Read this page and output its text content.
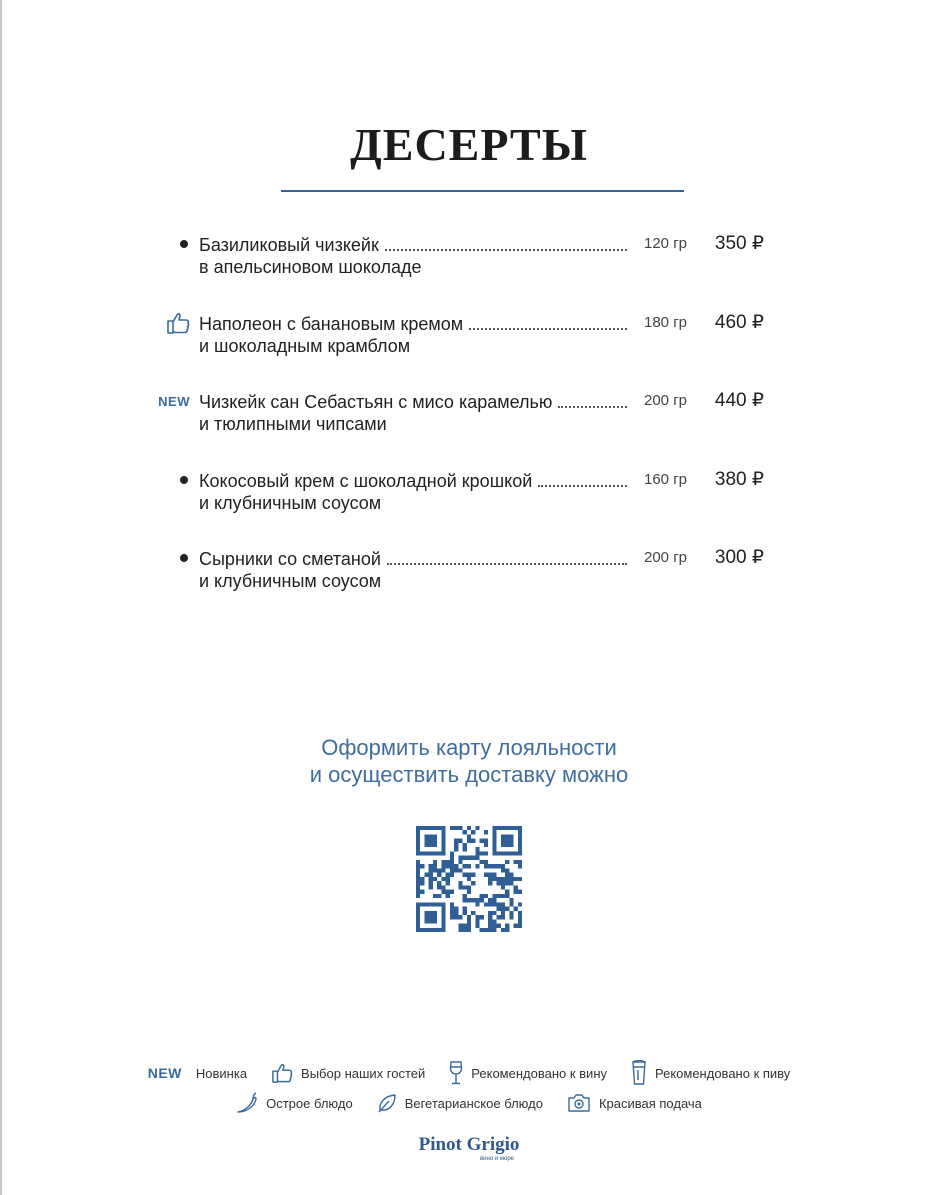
ДЕСЕРТЫ
Базиликовый чизкейк
в апельсиновом шоколаде
120 гр 350 ₽
Наполеон с банановым кремом
и шоколадным крамблом
180 гр 460 ₽
NEW Чизкейк сан Себастьян с мисо карамелью
и тюлипными чипсами
200 гр 440 ₽
Кокосовый крем с шоколадной крошкой
и клубничным соусом
160 гр 380 ₽
Сырники со сметаной
и клубничным соусом
200 гр 300 ₽
Оформить карту лояльности
и осуществить доставку можно
NEW Новинка	Выбор наших гостей	Рекомендовано к вину	Рекомендовано к пиву
Острое блюдо	Вегетарианское блюдо	Красивая подача
Pinot Grigio
вино и море
